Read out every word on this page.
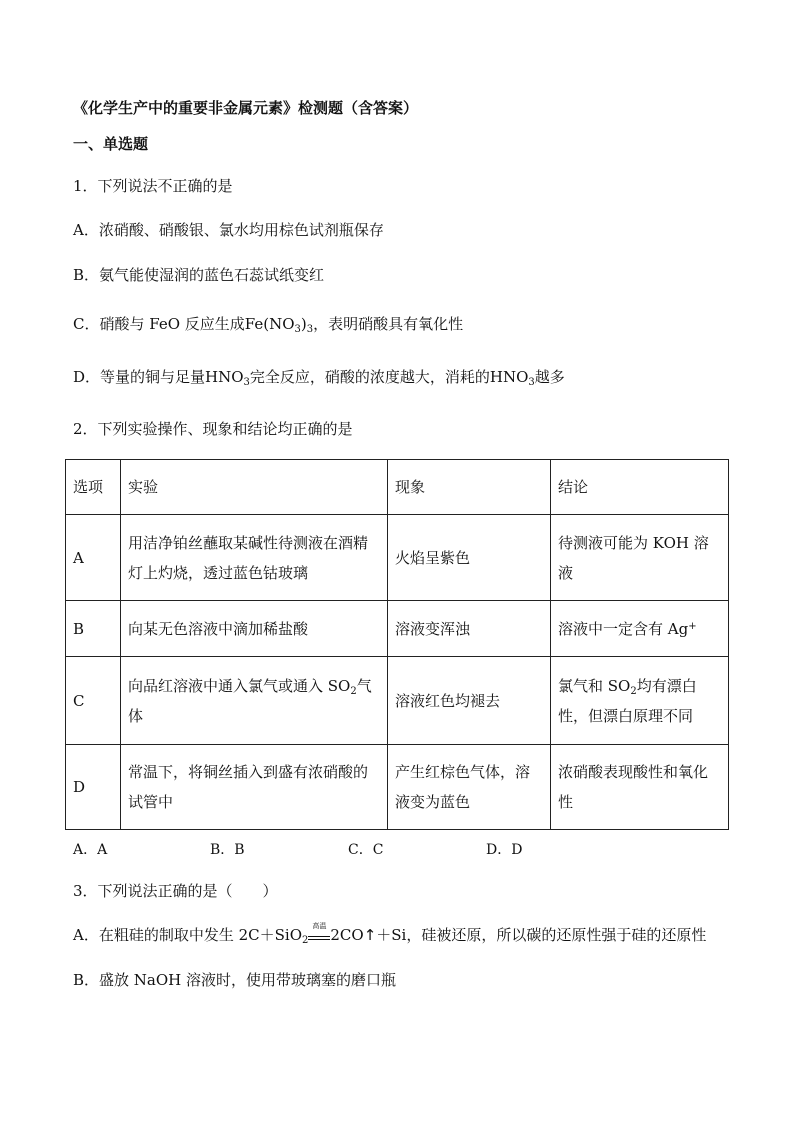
《化学生产中的重要非金属元素》检测题（含答案）
一、单选题
1．下列说法不正确的是
A．浓硝酸、硝酸银、氯水均用棕色试剂瓶保存
B．氨气能使湿润的蓝色石蕊试纸变红
C．硝酸与 FeO 反应生成$Fe(NO_3)_3$，表明硝酸具有氧化性
D．等量的铜与足量$HNO_3$完全反应，硝酸的浓度越大，消耗的$HNO_3$越多
2．下列实验操作、现象和结论均正确的是
选项	实验	现象	结论
A	用洁净铂丝蘸取某碱性待测液在酒精灯上灼烧，透过蓝色钴玻璃	火焰呈紫色	待测液可能为 KOH 溶液
B	向某无色溶液中滴加稀盐酸	溶液变浑浊	溶液中一定含有 Ag+
C	向品红溶液中通入氯气或通入 $SO_2$气体	溶液红色均褪去	氯气和 $SO_2$均有漂白性，但漂白原理不同
D	常温下，将铜丝插入到盛有浓硝酸的试管中	产生红棕色气体，溶液变为蓝色	浓硝酸表现酸性和氧化性
A．A	B．B	C．C	D．D
3．下列说法正确的是（　　）
A．在粗硅的制取中发生 2C＋SiO$_2$
高温 2CO↑＋Si，硅被还原，所以碳的还原性强于硅的还原性
B．盛放 NaOH 溶液时，使用带玻璃塞的磨口瓶
